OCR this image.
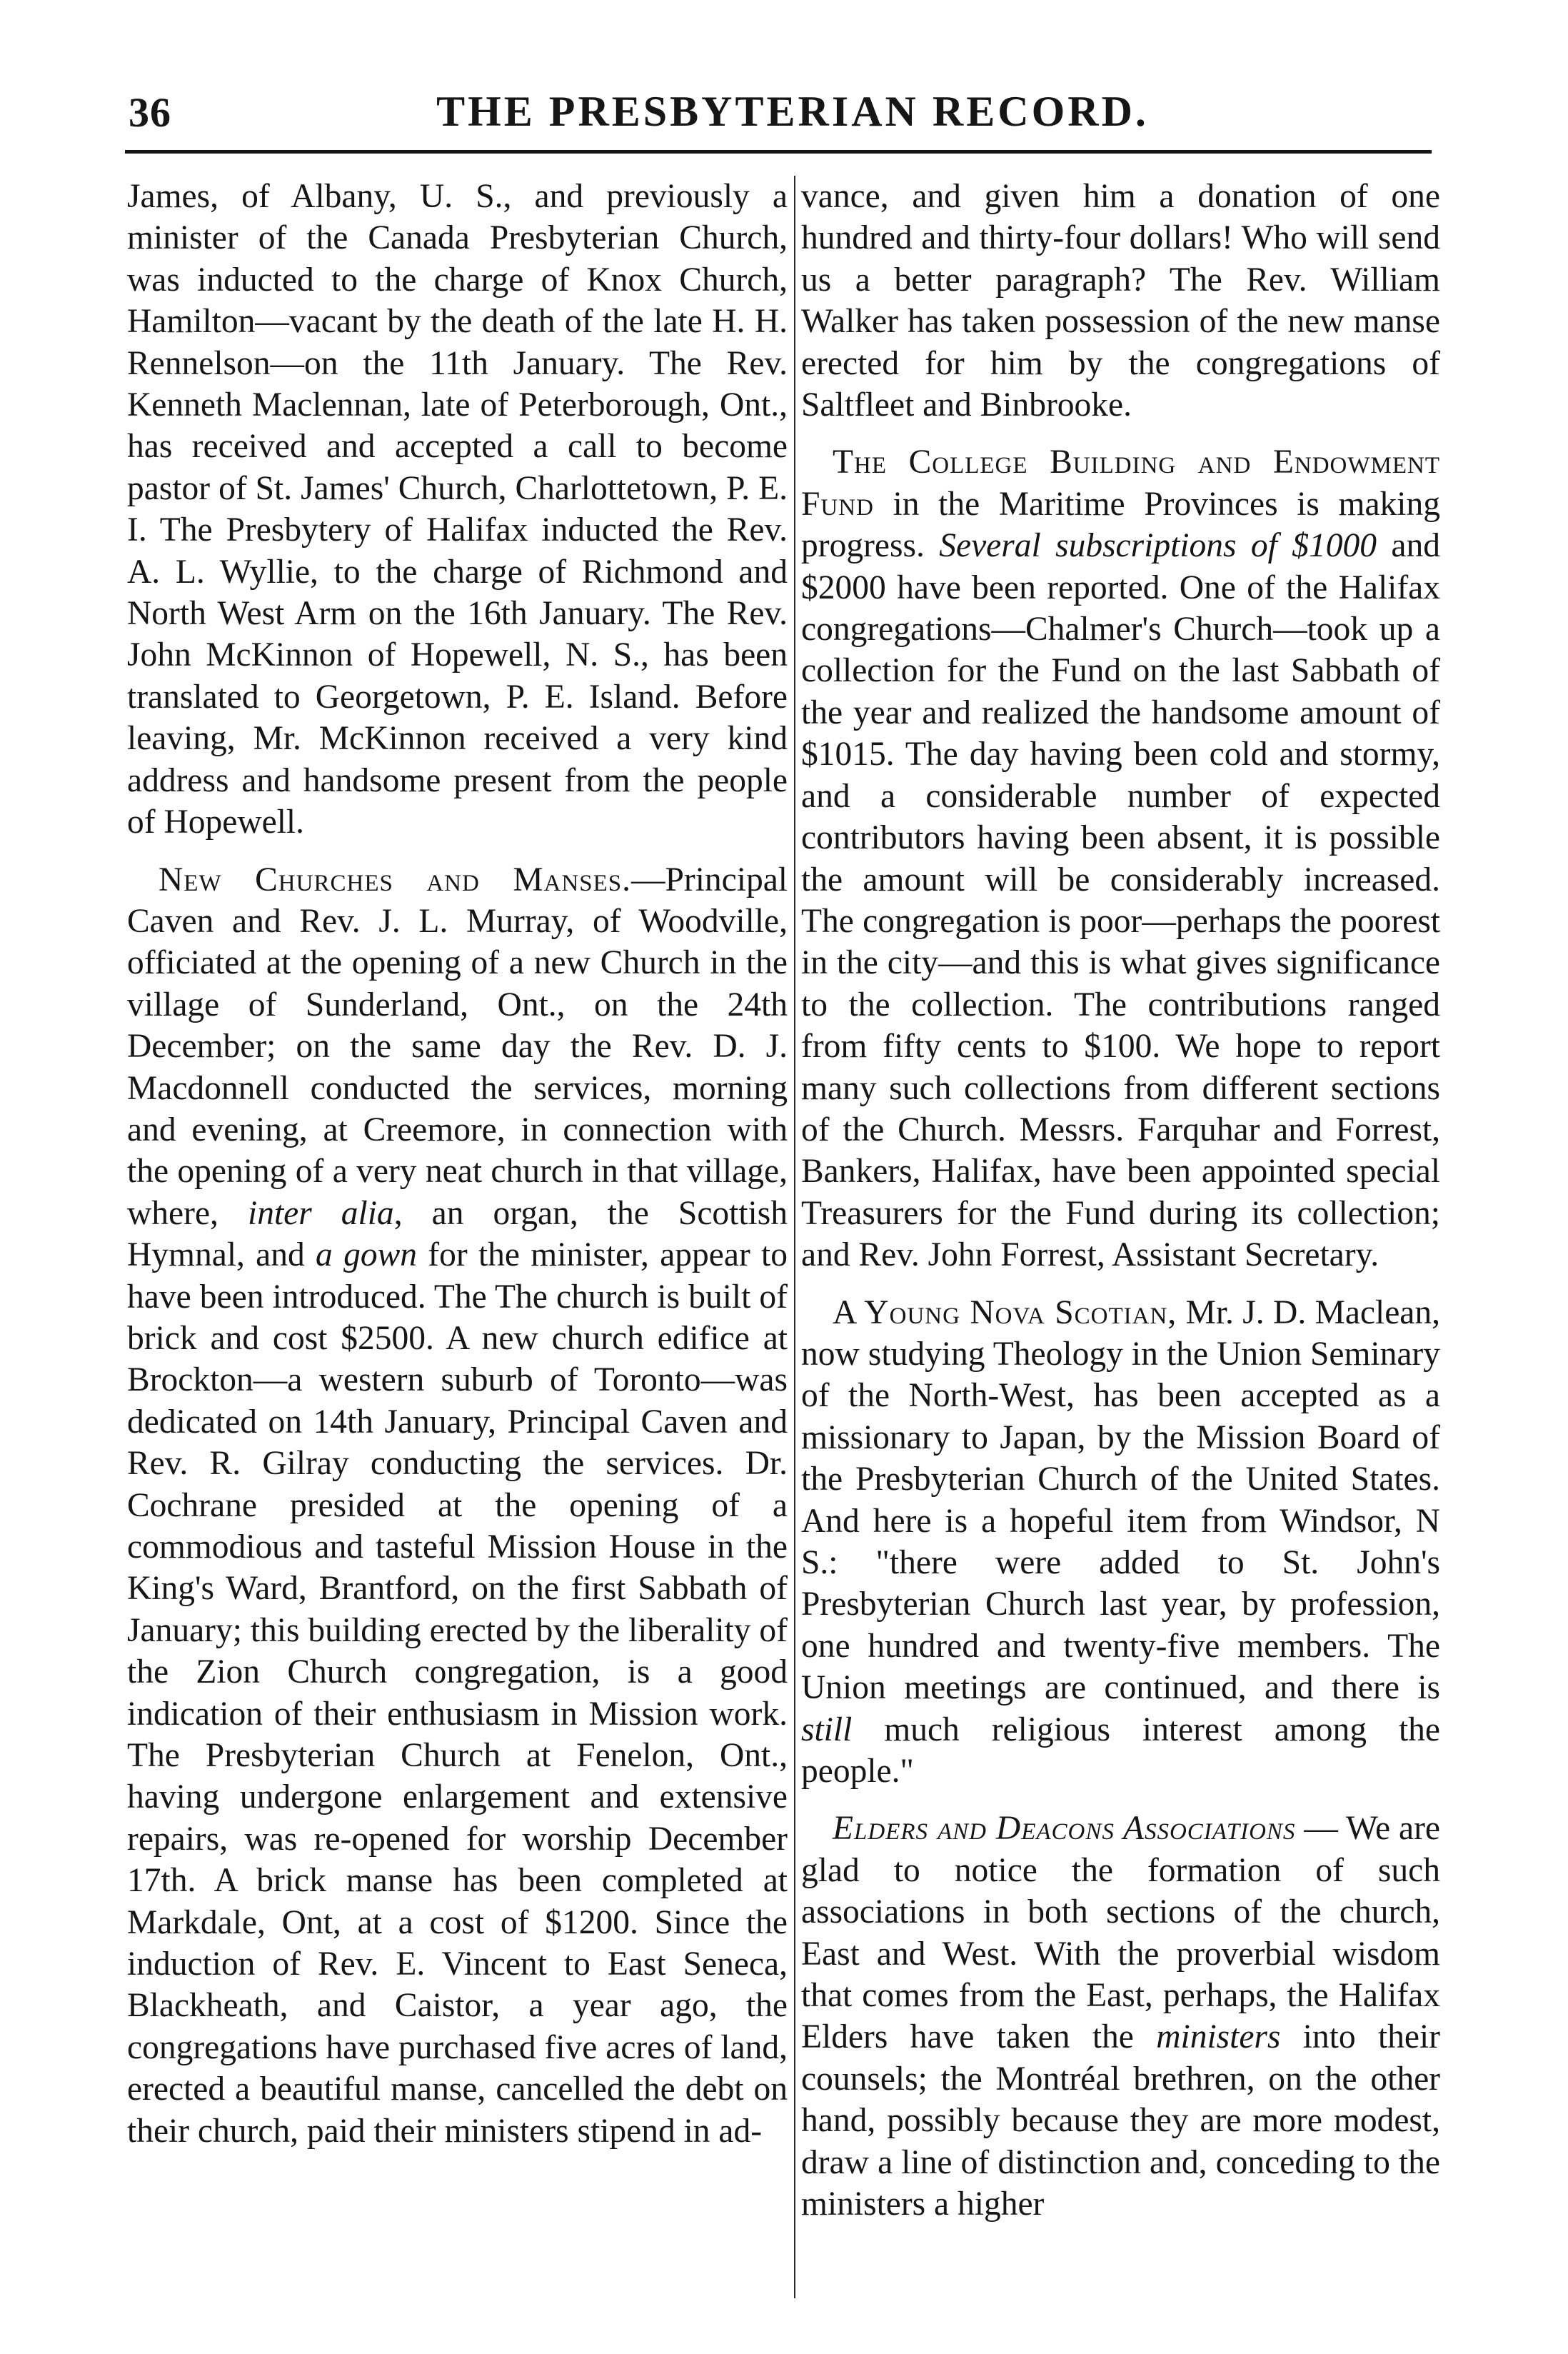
36	THE PRESBYTERIAN RECORD.

James, of Albany, U. S., and previously a minister of the Canada Presbyterian Church, was inducted to the charge of Knox Church, Hamilton—vacant by the death of the late H. H. Rennelson—on the 11th January. The Rev. Kenneth Maclennan, late of Peterborough, Ont., has received and accepted a call to become pastor of St. James' Church, Charlottetown, P. E. I. The Presbytery of Halifax inducted the Rev. A. L. Wyllie, to the charge of Richmond and North West Arm on the 16th January. The Rev. John McKinnon of Hopewell, N. S., has been translated to Georgetown, P. E. Island. Before leaving, Mr. McKinnon received a very kind address and handsome present from the people of Hopewell.

New Churches and Manses.—Principal Caven and Rev. J. L. Murray, of Woodville, officiated at the opening of a new Church in the village of Sunderland, Ont., on the 24th December; on the same day the Rev. D. J. Macdonnell conducted the services, morning and evening, at Creemore, in connection with the opening of a very neat church in that village, where, inter alia, an organ, the Scottish Hymnal, and a gown for the minister, appear to have been introduced. The The church is built of brick and cost $2500. A new church edifice at Brockton—a western suburb of Toronto—was dedicated on 14th January, Principal Caven and Rev. R. Gilray conducting the services. Dr. Cochrane presided at the opening of a commodious and tasteful Mission House in the King's Ward, Brantford, on the first Sabbath of January; this building erected by the liberality of the Zion Church congregation, is a good indication of their enthusiasm in Mission work. The Presbyterian Church at Fenelon, Ont., having undergone enlargement and extensive repairs, was re-opened for worship December 17th. A brick manse has been completed at Markdale, Ont, at a cost of $1200. Since the induction of Rev. E. Vincent to East Seneca, Blackheath, and Caistor, a year ago, the congregations have purchased five acres of land, erected a beautiful manse, cancelled the debt on their church, paid their ministers stipend in ad-

vance, and given him a donation of one hundred and thirty-four dollars! Who will send us a better paragraph? The Rev. William Walker has taken possession of the new manse erected for him by the congregations of Saltfleet and Binbrooke.

The College Building and Endowment Fund in the Maritime Provinces is making progress. Several subscriptions of $1000 and $2000 have been reported. One of the Halifax congregations—Chalmer's Church—took up a collection for the Fund on the last Sabbath of the year and realized the handsome amount of $1015. The day having been cold and stormy, and a considerable number of expected contributors having been absent, it is possible the amount will be considerably increased. The congregation is poor—perhaps the poorest in the city—and this is what gives significance to the collection. The contributions ranged from fifty cents to $100. We hope to report many such collections from different sections of the Church. Messrs. Farquhar and Forrest, Bankers, Halifax, have been appointed special Treasurers for the Fund during its collection; and Rev. John Forrest, Assistant Secretary.

A Young Nova Scotian, Mr. J. D. Maclean, now studying Theology in the Union Seminary of the North-West, has been accepted as a missionary to Japan, by the Mission Board of the Presbyterian Church of the United States. And here is a hopeful item from Windsor, N S.: "there were added to St. John's Presbyterian Church last year, by profession, one hundred and twenty-five members. The Union meetings are continued, and there is still much religious interest among the people."

Elders and Deacons Associations — We are glad to notice the formation of such associations in both sections of the church, East and West. With the proverbial wisdom that comes from the East, perhaps, the Halifax Elders have taken the ministers into their counsels; the Montréal brethren, on the other hand, possibly because they are more modest, draw a line of distinction and, conceding to the ministers a higher
